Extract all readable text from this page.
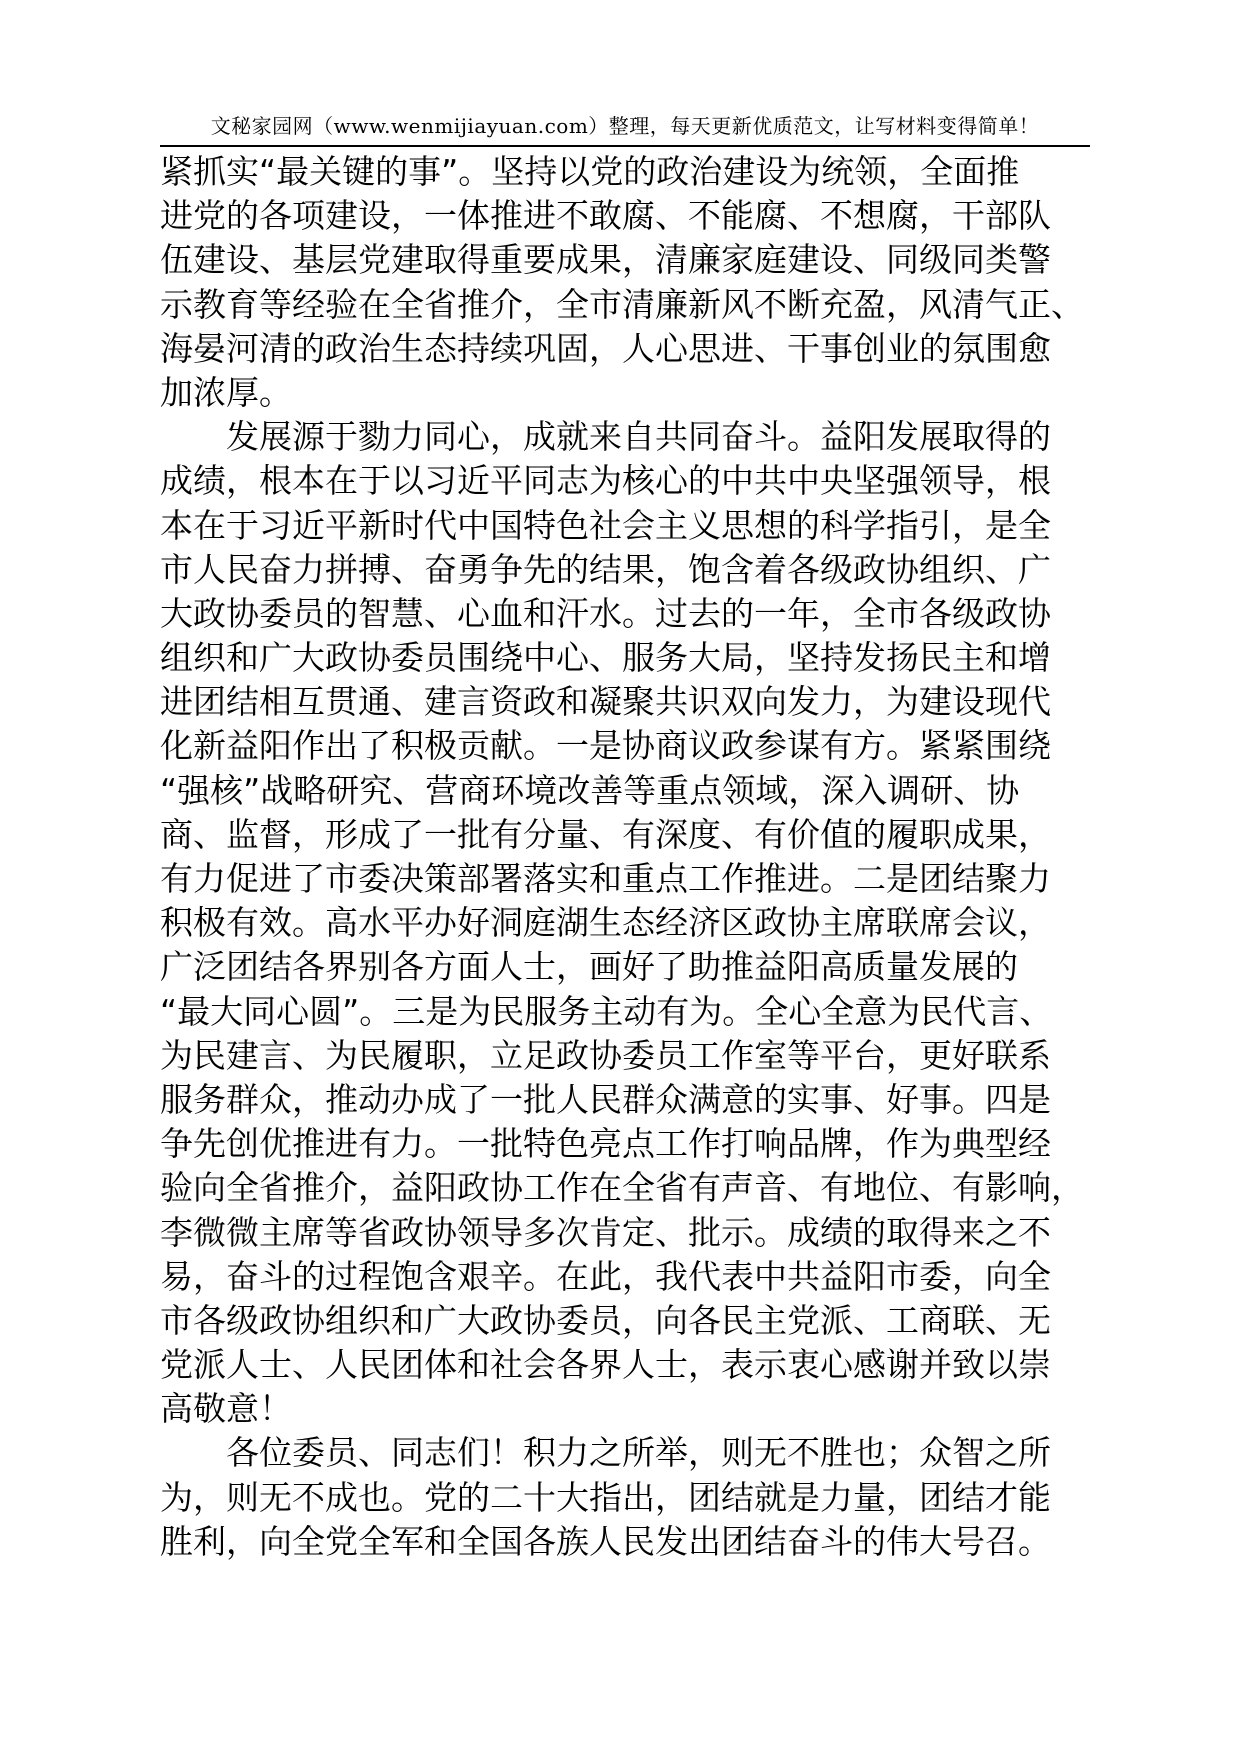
文秘家园网（www.wenmijiayuan.com）整理，每天更新优质范文，让写材料变得简单！
紧抓实“最关键的事”。坚持以党的政治建设为统领，全面推
进党的各项建设，一体推进不敢腐、不能腐、不想腐，干部队
伍建设、基层党建取得重要成果，清廉家庭建设、同级同类警
示教育等经验在全省推介，全市清廉新风不断充盈，风清气正、
海晏河清的政治生态持续巩固，人心思进、干事创业的氛围愈
加浓厚。
发展源于勠力同心，成就来自共同奋斗。益阳发展取得的
成绩，根本在于以习近平同志为核心的中共中央坚强领导，根
本在于习近平新时代中国特色社会主义思想的科学指引，是全
市人民奋力拼搏、奋勇争先的结果，饱含着各级政协组织、广
大政协委员的智慧、心血和汗水。过去的一年，全市各级政协
组织和广大政协委员围绕中心、服务大局，坚持发扬民主和增
进团结相互贯通、建言资政和凝聚共识双向发力，为建设现代
化新益阳作出了积极贡献。一是协商议政参谋有方。紧紧围绕
“强核”战略研究、营商环境改善等重点领域，深入调研、协
商、监督，形成了一批有分量、有深度、有价值的履职成果，
有力促进了市委决策部署落实和重点工作推进。二是团结聚力
积极有效。高水平办好洞庭湖生态经济区政协主席联席会议，
广泛团结各界别各方面人士，画好了助推益阳高质量发展的
“最大同心圆”。三是为民服务主动有为。全心全意为民代言、
为民建言、为民履职，立足政协委员工作室等平台，更好联系
服务群众，推动办成了一批人民群众满意的实事、好事。四是
争先创优推进有力。一批特色亮点工作打响品牌，作为典型经
验向全省推介，益阳政协工作在全省有声音、有地位、有影响，
李微微主席等省政协领导多次肯定、批示。成绩的取得来之不
易，奋斗的过程饱含艰辛。在此，我代表中共益阳市委，向全
市各级政协组织和广大政协委员，向各民主党派、工商联、无
党派人士、人民团体和社会各界人士，表示衷心感谢并致以崇
高敬意！
各位委员、同志们！积力之所举，则无不胜也；众智之所
为，则无不成也。党的二十大指出，团结就是力量，团结才能
胜利，向全党全军和全国各族人民发出团结奋斗的伟大号召。
